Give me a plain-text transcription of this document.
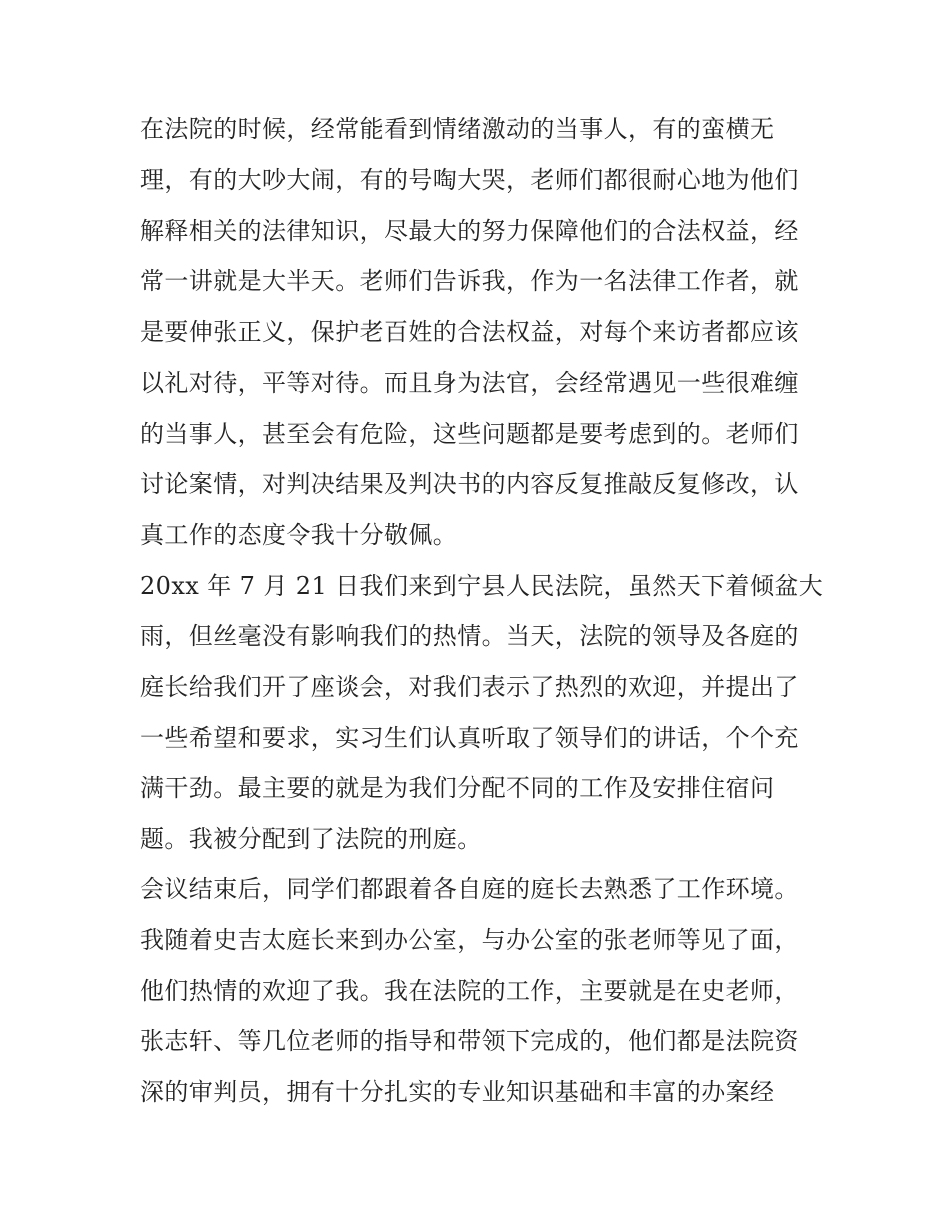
在法院的时候，经常能看到情绪激动的当事人，有的蛮横无
理，有的大吵大闹，有的号啕大哭，老师们都很耐心地为他们
解释相关的法律知识，尽最大的努力保障他们的合法权益，经
常一讲就是大半天。老师们告诉我，作为一名法律工作者，就
是要伸张正义，保护老百姓的合法权益，对每个来访者都应该
以礼对待，平等对待。而且身为法官，会经常遇见一些很难缠
的当事人，甚至会有危险，这些问题都是要考虑到的。老师们
讨论案情，对判决结果及判决书的内容反复推敲反复修改，认
真工作的态度令我十分敬佩。
20xx 年 7 月 21 日我们来到宁县人民法院，虽然天下着倾盆大
雨，但丝毫没有影响我们的热情。当天，法院的领导及各庭的
庭长给我们开了座谈会，对我们表示了热烈的欢迎，并提出了
一些希望和要求，实习生们认真听取了领导们的讲话，个个充
满干劲。最主要的就是为我们分配不同的工作及安排住宿问
题。我被分配到了法院的刑庭。
会议结束后，同学们都跟着各自庭的庭长去熟悉了工作环境。
我随着史吉太庭长来到办公室，与办公室的张老师等见了面，
他们热情的欢迎了我。我在法院的工作，主要就是在史老师，
张志轩、等几位老师的指导和带领下完成的，他们都是法院资
深的审判员，拥有十分扎实的专业知识基础和丰富的办案经
